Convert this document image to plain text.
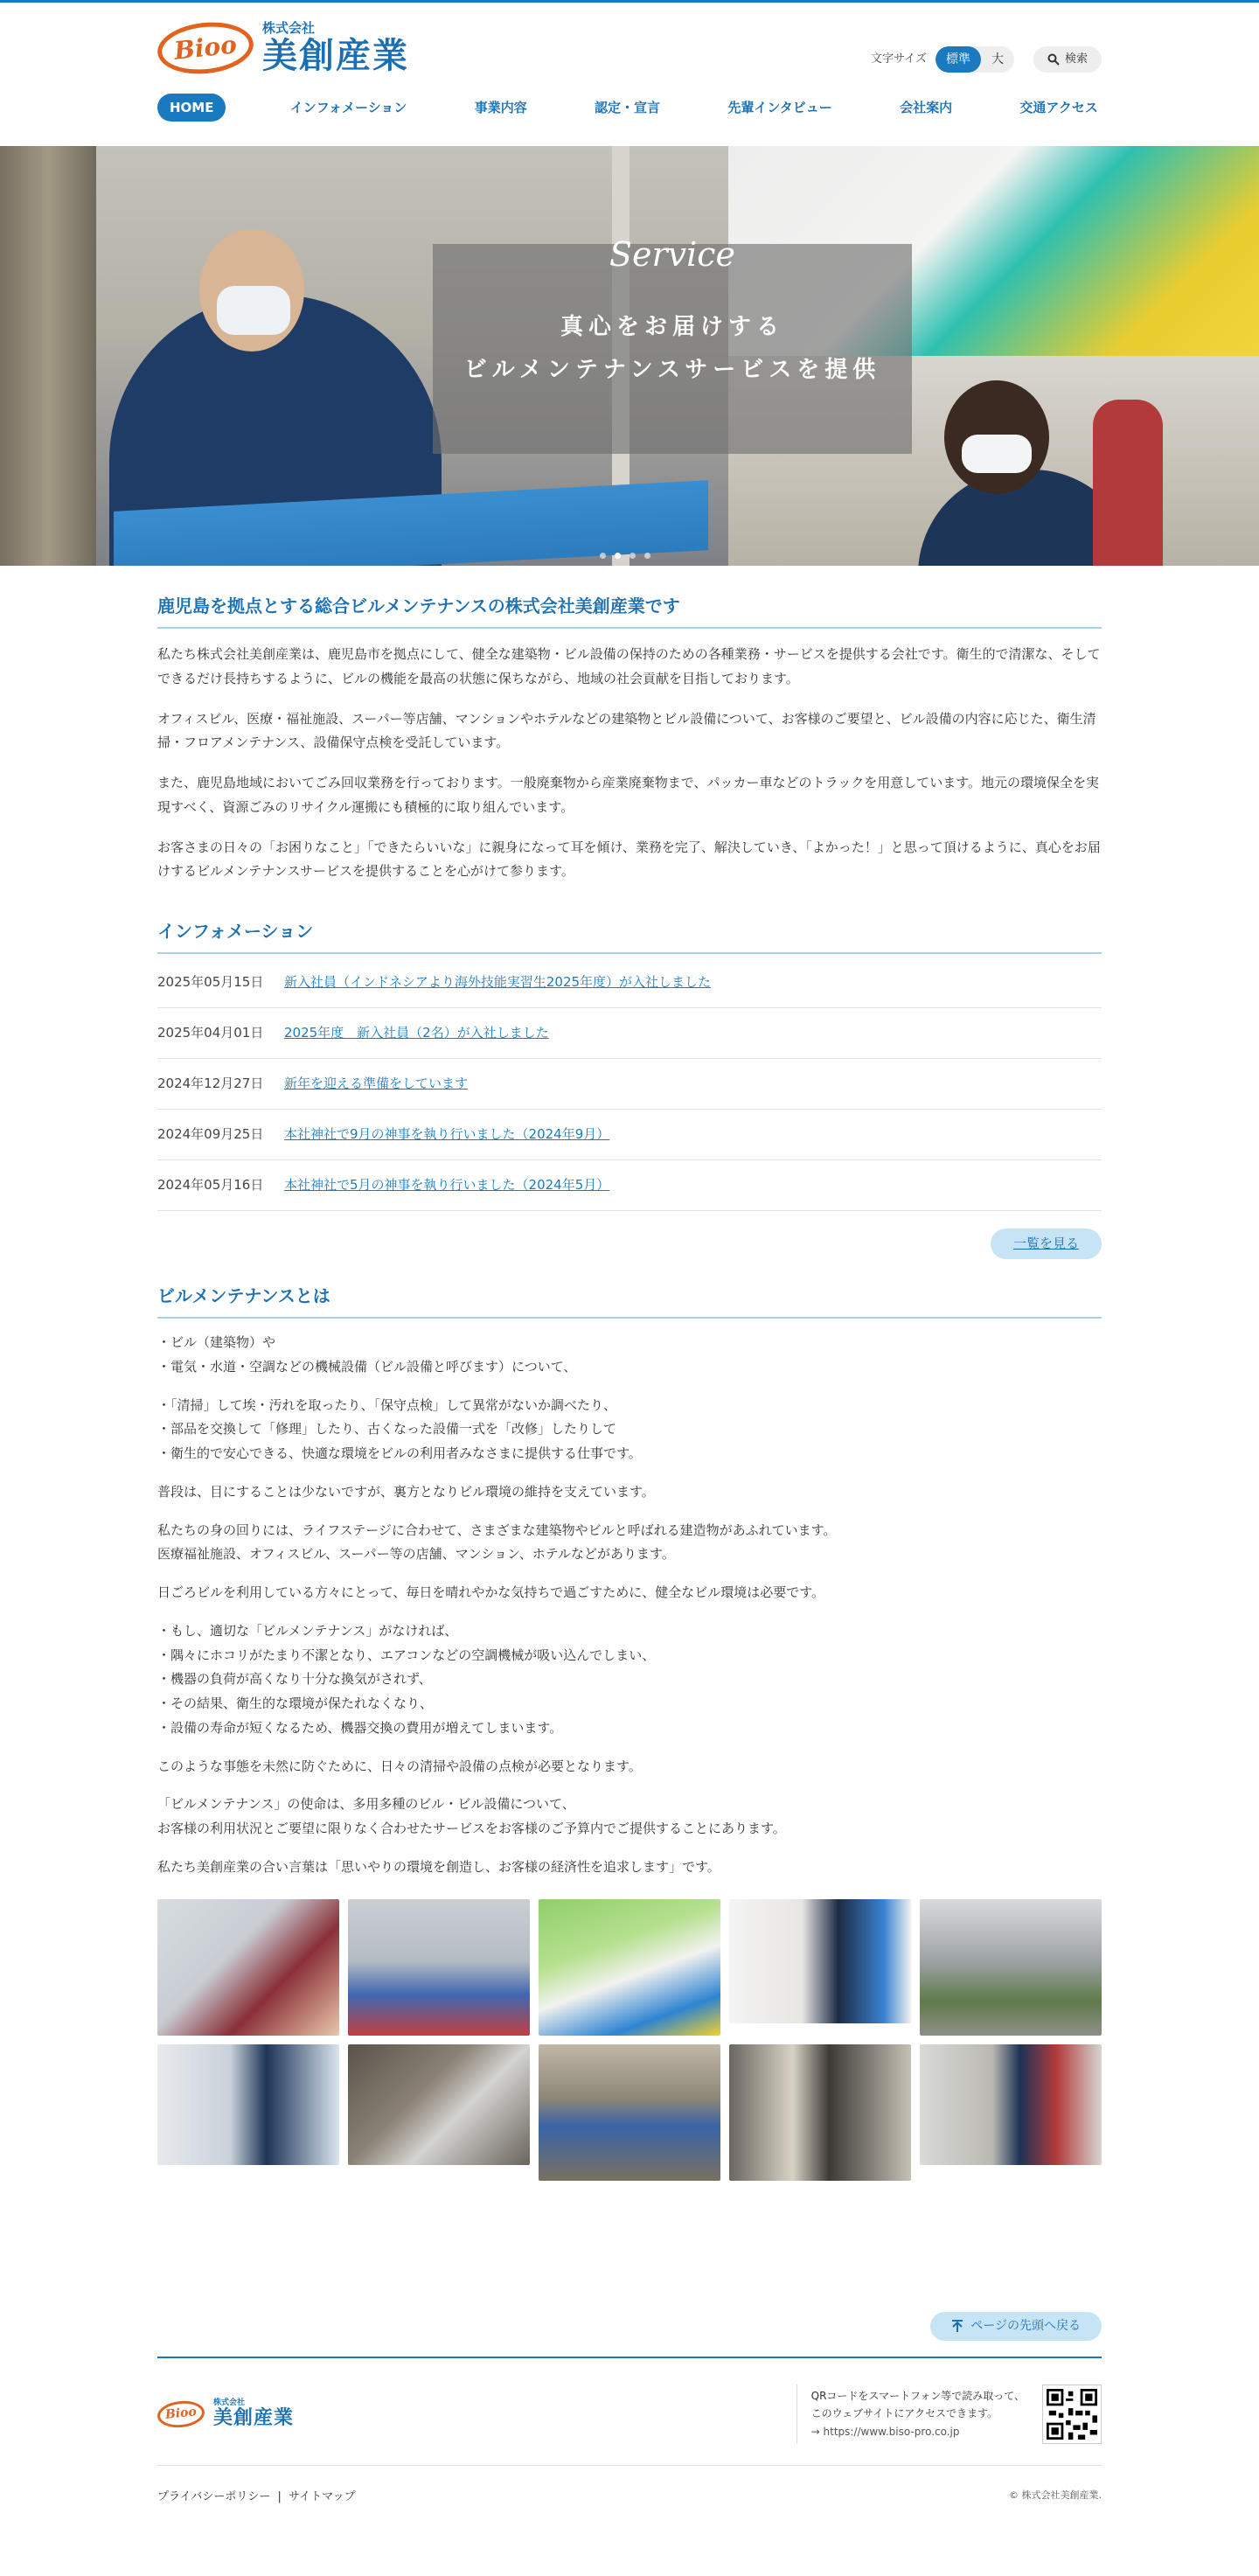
Bioo
株式会社
美創産業	文字サイズ	標準	大	検索
HOME	インフォメーション	事業内容	認定・宣言	先輩インタビュー	会社案内	交通アクセス
Service
真心をお届けする
ビルメンテナンスサービスを提供
鹿児島を拠点とする総合ビルメンテナンスの株式会社美創産業です

私たち株式会社美創産業は、鹿児島市を拠点にして、健全な建築物・ビル設備の保持のための各種業務・サービスを提供する会社です。衛生的で清潔な、そしてできるだけ長持ちするように、ビルの機能を最高の状態に保ちながら、地域の社会貢献を目指しております。

オフィスビル、医療・福祉施設、スーパー等店舗、マンションやホテルなどの建築物とビル設備について、お客様のご要望と、ビル設備の内容に応じた、衛生清掃・フロアメンテナンス、設備保守点検を受託しています。

また、鹿児島地域においてごみ回収業務を行っております。一般廃棄物から産業廃棄物まで、パッカー車などのトラックを用意しています。地元の環境保全を実現すべく、資源ごみのリサイクル運搬にも積極的に取り組んでいます。

お客さまの日々の「お困りなこと」「できたらいいな」に親身になって耳を傾け、業務を完了、解決していき、「よかった！」と思って頂けるように、真心をお届けするビルメンテナンスサービスを提供することを心がけて参ります。

インフォメーション
2025年05月15日	新入社員（インドネシアより海外技能実習生2025年度）が入社しました
2025年04月01日	2025年度　新入社員（2名）が入社しました
2024年12月27日	新年を迎える準備をしています
2024年09月25日	本社神社で9月の神事を執り行いました（2024年9月）
2024年05月16日	本社神社で5月の神事を執り行いました（2024年5月）
一覧を見る
ビルメンテナンスとは

・ビル（建築物）や
・電気・水道・空調などの機械設備（ビル設備と呼びます）について、

・「清掃」して埃・汚れを取ったり、「保守点検」して異常がないか調べたり、
・部品を交換して「修理」したり、古くなった設備一式を「改修」したりして
・衛生的で安心できる、快適な環境をビルの利用者みなさまに提供する仕事です。

普段は、目にすることは少ないですが、裏方となりビル環境の維持を支えています。

私たちの身の回りには、ライフステージに合わせて、さまざまな建築物やビルと呼ばれる建造物があふれています。
医療福祉施設、オフィスビル、スーパー等の店舗、マンション、ホテルなどがあります。

日ごろビルを利用している方々にとって、毎日を晴れやかな気持ちで過ごすために、健全なビル環境は必要です。

・もし、適切な「ビルメンテナンス」がなければ、
・隅々にホコリがたまり不潔となり、エアコンなどの空調機械が吸い込んでしまい、
・機器の負荷が高くなり十分な換気がされず、
・その結果、衛生的な環境が保たれなくなり、
・設備の寿命が短くなるため、機器交換の費用が増えてしまいます。

このような事態を未然に防ぐために、日々の清掃や設備の点検が必要となります。

「ビルメンテナンス」の使命は、多用多種のビル・ビル設備について、
お客様の利用状況とご要望に限りなく合わせたサービスをお客様のご予算内でご提供することにあります。

私たち美創産業の合い言葉は「思いやりの環境を創造し、お客様の経済性を追求します」です。

ページの先頭へ戻る
Bioo
株式会社
美創産業
QRコードをスマートフォン等で読み取って、
このウェブサイトにアクセスできます。
→ https://www.biso-pro.co.jp
プライバシーポリシー | サイトマップ	© 株式会社美創産業.
